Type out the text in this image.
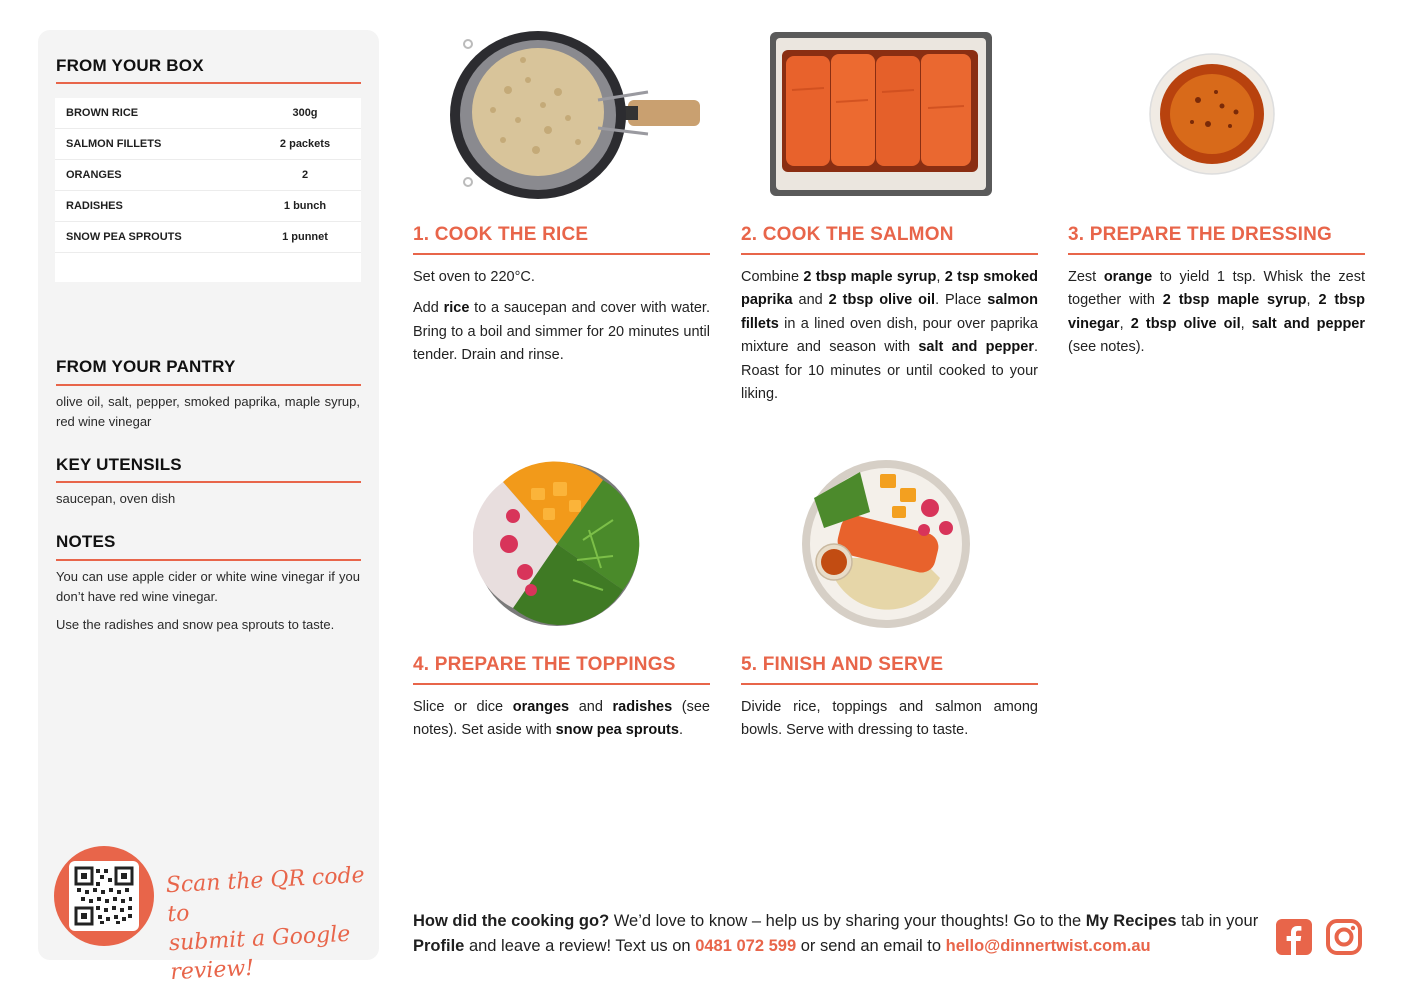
FROM YOUR BOX
BROWN RICE	300g
SALMON FILLETS	2 packets
ORANGES	2
RADISHES	1 bunch
SNOW PEA SPROUTS	1 punnet
FROM YOUR PANTRY
olive oil, salt, pepper, smoked paprika, maple syrup, red wine vinegar
KEY UTENSILS
saucepan, oven dish
NOTES
You can use apple cider or white wine vinegar if you don’t have red wine vinegar.
Use the radishes and snow pea sprouts to taste.
Scan the QR code to
submit a Google review!
1. COOK THE RICE

Set oven to 220°C.

Add rice to a saucepan and cover with water. Bring to a boil and simmer for 20 minutes until tender. Drain and rinse.

2. COOK THE SALMON

Combine 2 tbsp maple syrup, 2 tsp smoked paprika and 2 tbsp olive oil. Place salmon fillets in a lined oven dish, pour over paprika mixture and season with salt and pepper. Roast for 10 minutes or until cooked to your liking.

3. PREPARE THE DRESSING

Zest orange to yield 1 tsp. Whisk the zest together with 2 tbsp maple syrup, 2 tbsp vinegar, 2 tbsp olive oil, salt and pepper (see notes).

4. PREPARE THE TOPPINGS

Slice or dice oranges and radishes (see notes). Set aside with snow pea sprouts.

5. FINISH AND SERVE

Divide rice, toppings and salmon among bowls. Serve with dressing to taste.

How did the cooking go? We’d love to know – help us by sharing your thoughts! Go to the My Recipes tab in your Profile and leave a review! Text us on 0481 072 599 or send an email to hello@dinnertwist.com.au
